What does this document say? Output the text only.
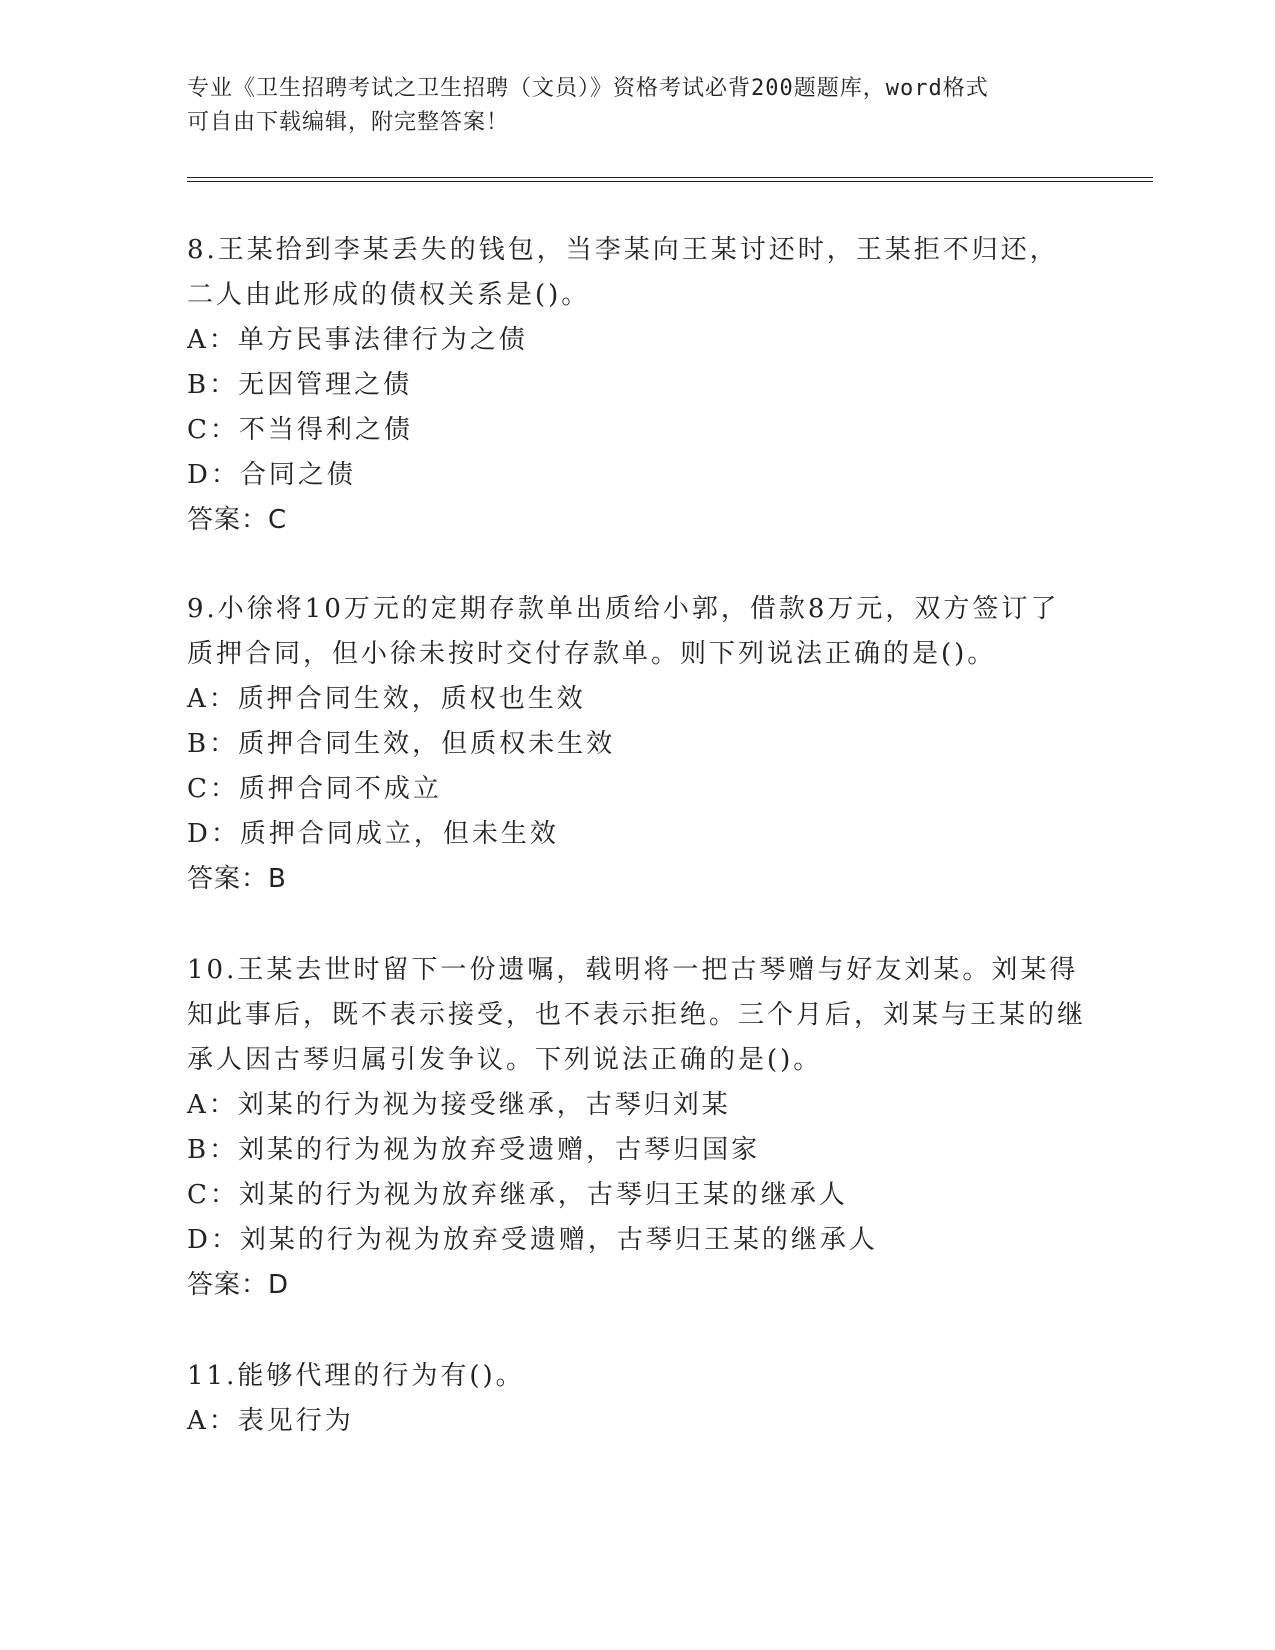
专业《卫生招聘考试之卫生招聘（文员）》资格考试必背200题题库，word格式
可自由下载编辑，附完整答案！
8.王某拾到李某丢失的钱包，当李某向王某讨还时，王某拒不归还，二人由此形成的债权关系是()。
A：单方民事法律行为之债
B：无因管理之债
C：不当得利之债
D：合同之债
答案：C
9.小徐将10万元的定期存款单出质给小郭，借款8万元，双方签订了质押合同，但小徐未按时交付存款单。则下列说法正确的是()。
A：质押合同生效，质权也生效
B：质押合同生效，但质权未生效
C：质押合同不成立
D：质押合同成立，但未生效
答案：B
10.王某去世时留下一份遗嘱，载明将一把古琴赠与好友刘某。刘某得知此事后，既不表示接受，也不表示拒绝。三个月后，刘某与王某的继承人因古琴归属引发争议。下列说法正确的是()。
A：刘某的行为视为接受继承，古琴归刘某
B：刘某的行为视为放弃受遗赠，古琴归国家
C：刘某的行为视为放弃继承，古琴归王某的继承人
D：刘某的行为视为放弃受遗赠，古琴归王某的继承人
答案：D
11.能够代理的行为有()。
A：表见行为
